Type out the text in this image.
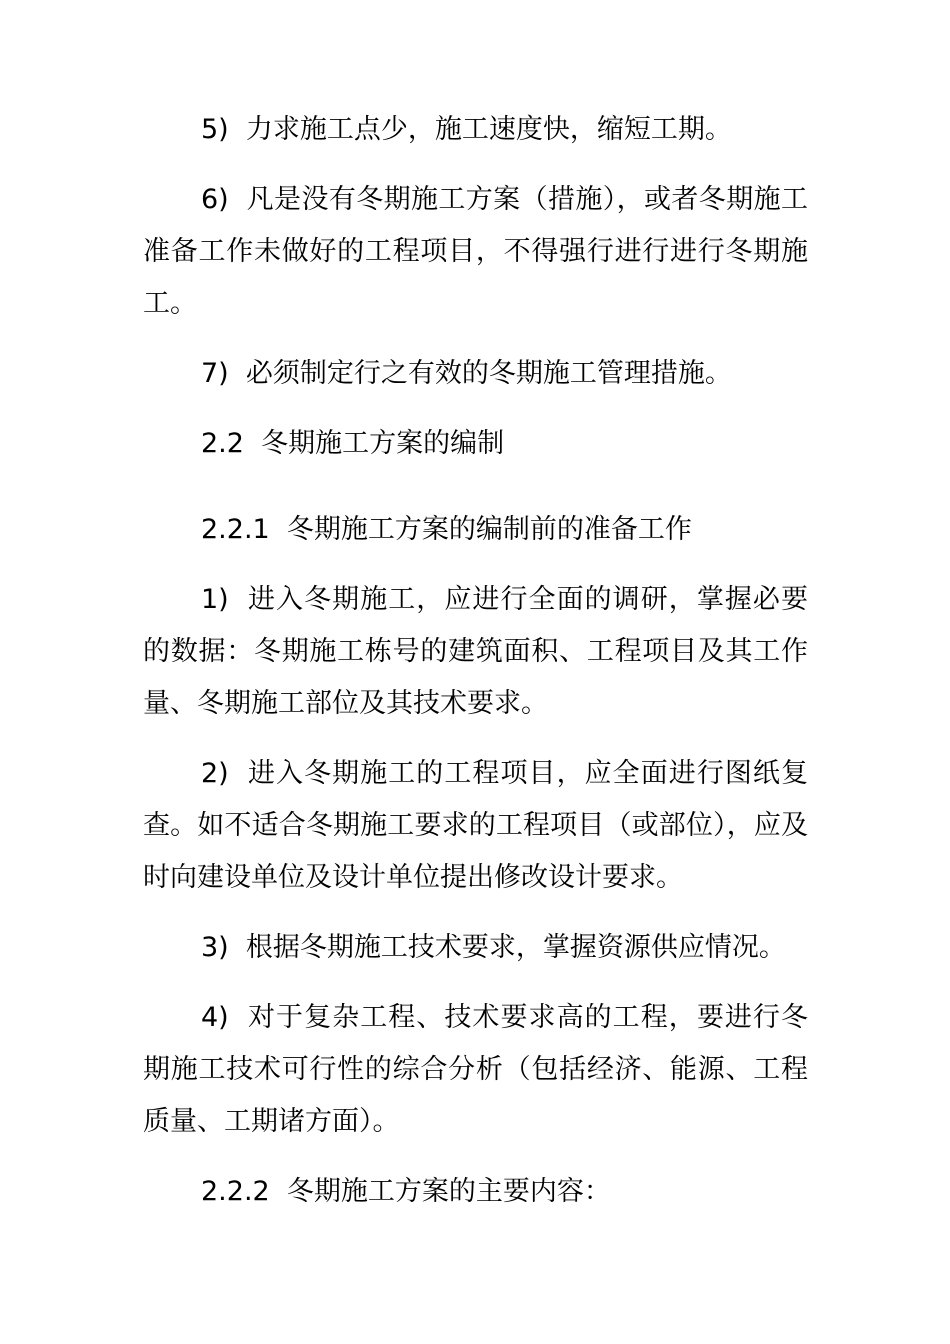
5)  力求施工点少，施工速度快，缩短工期。

6)  凡是没有冬期施工方案（措施），或者冬期施工准备工作未做好的工程项目，不得强行进行进行冬期施工。

7)  必须制定行之有效的冬期施工管理措施。

2.2  冬期施工方案的编制

2.2.1  冬期施工方案的编制前的准备工作

1)  进入冬期施工，应进行全面的调研，掌握必要的数据：冬期施工栋号的建筑面积、工程项目及其工作量、冬期施工部位及其技术要求。

2)  进入冬期施工的工程项目，应全面进行图纸复查。如不适合冬期施工要求的工程项目（或部位），应及时向建设单位及设计单位提出修改设计要求。

3)  根据冬期施工技术要求，掌握资源供应情况。

4)  对于复杂工程、技术要求高的工程，要进行冬期施工技术可行性的综合分析（包括经济、能源、工程质量、工期诸方面）。

2.2.2  冬期施工方案的主要内容：
